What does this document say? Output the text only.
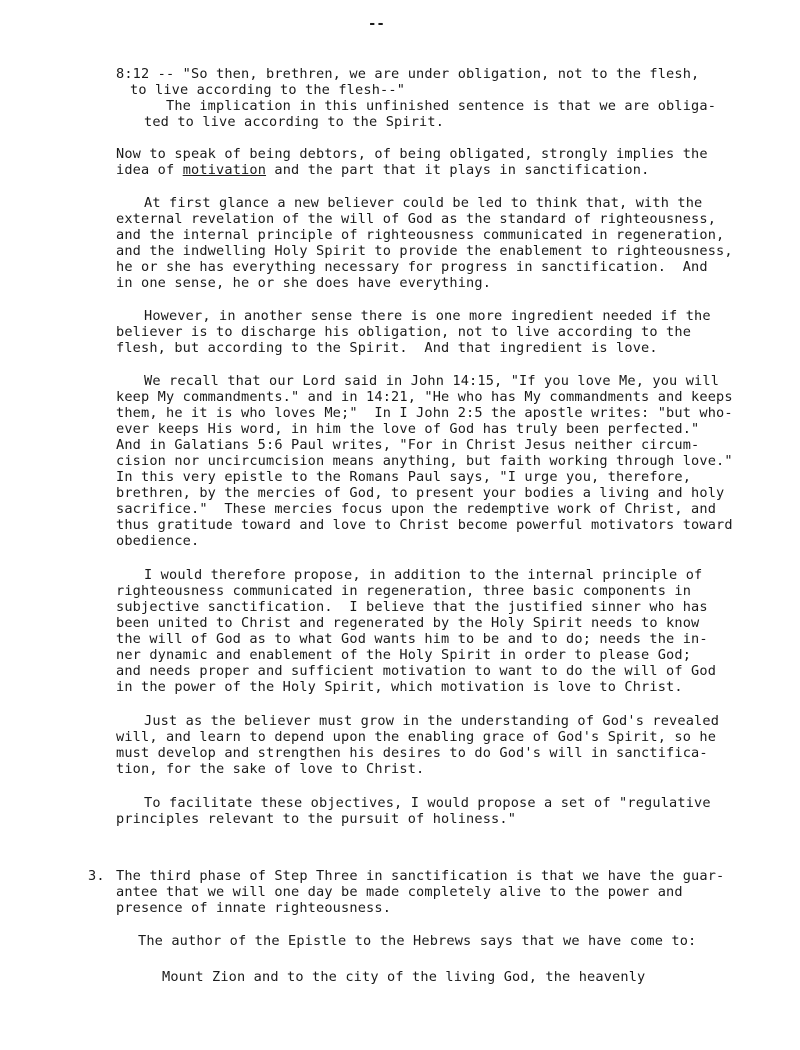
--
8:12 -- "So then, brethren, we are under obligation, not to the flesh,
to live according to the flesh--"
The implication in this unfinished sentence is that we are obliga-
ted to live according to the Spirit.
Now to speak of being debtors, of being obligated, strongly implies the
idea of motivation and the part that it plays in sanctification.
At first glance a new believer could be led to think that, with the
external revelation of the will of God as the standard of righteousness,
and the internal principle of righteousness communicated in regeneration,
and the indwelling Holy Spirit to provide the enablement to righteousness,
he or she has everything necessary for progress in sanctification.  And
in one sense, he or she does have everything.
However, in another sense there is one more ingredient needed if the
believer is to discharge his obligation, not to live according to the
flesh, but according to the Spirit.  And that ingredient is love.
We recall that our Lord said in John 14:15, "If you love Me, you will
keep My commandments." and in 14:21, "He who has My commandments and keeps
them, he it is who loves Me;"  In I John 2:5 the apostle writes: "but who-
ever keeps His word, in him the love of God has truly been perfected."
And in Galatians 5:6 Paul writes, "For in Christ Jesus neither circum-
cision nor uncircumcision means anything, but faith working through love."
In this very epistle to the Romans Paul says, "I urge you, therefore,
brethren, by the mercies of God, to present your bodies a living and holy
sacrifice."  These mercies focus upon the redemptive work of Christ, and
thus gratitude toward and love to Christ become powerful motivators toward
obedience.
I would therefore propose, in addition to the internal principle of
righteousness communicated in regeneration, three basic components in
subjective sanctification.  I believe that the justified sinner who has
been united to Christ and regenerated by the Holy Spirit needs to know
the will of God as to what God wants him to be and to do; needs the in-
ner dynamic and enablement of the Holy Spirit in order to please God;
and needs proper and sufficient motivation to want to do the will of God
in the power of the Holy Spirit, which motivation is love to Christ.
Just as the believer must grow in the understanding of God's revealed
will, and learn to depend upon the enabling grace of God's Spirit, so he
must develop and strengthen his desires to do God's will in sanctifica-
tion, for the sake of love to Christ.
To facilitate these objectives, I would propose a set of "regulative
principles relevant to the pursuit of holiness."
3. The third phase of Step Three in sanctification is that we have the guar-
antee that we will one day be made completely alive to the power and
presence of innate righteousness.
The author of the Epistle to the Hebrews says that we have come to:
Mount Zion and to the city of the living God, the heavenly
